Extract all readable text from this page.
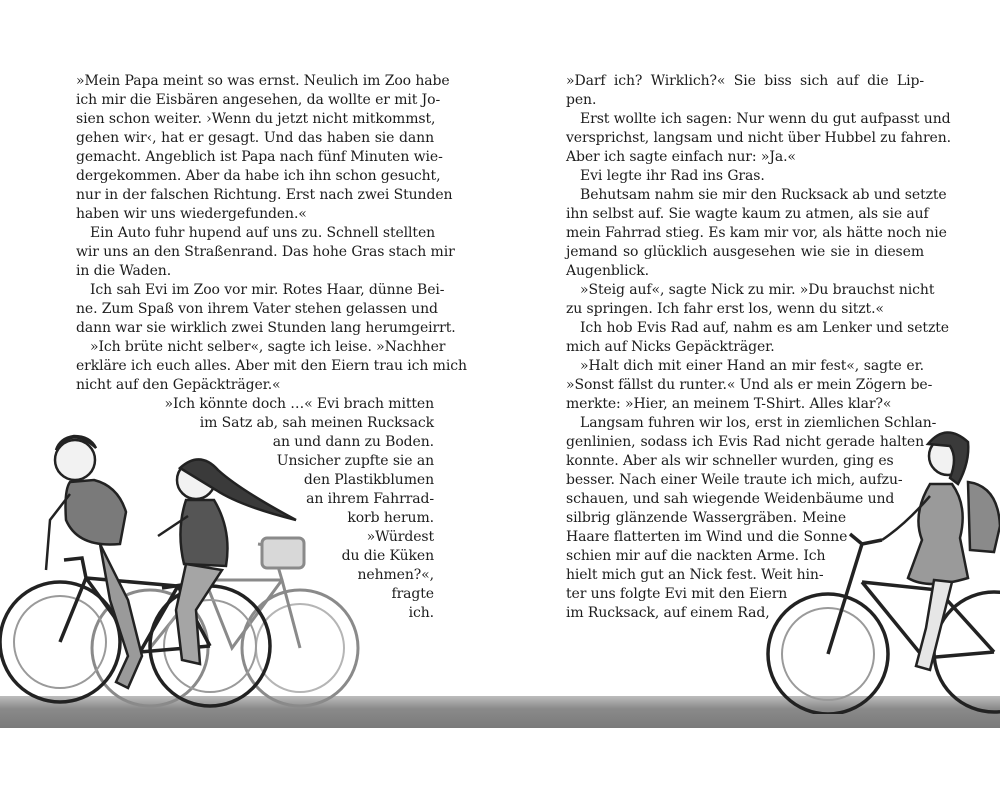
»Mein Papa meint so was ernst. Neulich im Zoo habe

ich mir die Eisbären angesehen, da wollte er mit Jo-

sien schon weiter. ›Wenn du jetzt nicht mitkommst,

gehen wir‹, hat er gesagt. Und das haben sie dann

gemacht. Angeblich ist Papa nach fünf Minuten wie-

dergekommen. Aber da habe ich ihn schon gesucht,

nur in der falschen Richtung. Erst nach zwei Stunden

haben wir uns wiedergefunden.«

Ein Auto fuhr hupend auf uns zu. Schnell stellten

wir uns an den Straßenrand. Das hohe Gras stach mir

in die Waden.

Ich sah Evi im Zoo vor mir. Rotes Haar, dünne Bei-

ne. Zum Spaß von ihrem Vater stehen gelassen und

dann war sie wirklich zwei Stunden lang herumgeirrt.

»Ich brüte nicht selber«, sagte ich leise. »Nachher

erkläre ich euch alles. Aber mit den Eiern trau ich mich

nicht auf den Gepäckträger.«

»Ich könnte doch …« Evi brach mitten

im Satz ab, sah meinen Rucksack

an und dann zu Boden.

Unsicher zupfte sie an

den Plastikblumen

an ihrem Fahrrad-

korb herum.

»Würdest

du die Küken

nehmen?«,

fragte

ich.

»Darf ich? Wirklich?« Sie biss sich auf die Lip-

pen.

Erst wollte ich sagen: Nur wenn du gut aufpasst und

versprichst, langsam und nicht über Hubbel zu fahren.

Aber ich sagte einfach nur: »Ja.«

Evi legte ihr Rad ins Gras.

Behutsam nahm sie mir den Rucksack ab und setzte

ihn selbst auf. Sie wagte kaum zu atmen, als sie auf

mein Fahrrad stieg. Es kam mir vor, als hätte noch nie

jemand so glücklich ausgesehen wie sie in diesem

Augenblick.

»Steig auf«, sagte Nick zu mir. »Du brauchst nicht

zu springen. Ich fahr erst los, wenn du sitzt.«

Ich hob Evis Rad auf, nahm es am Lenker und setzte

mich auf Nicks Gepäckträger.

»Halt dich mit einer Hand an mir fest«, sagte er.

»Sonst fällst du runter.« Und als er mein Zögern be-

merkte: »Hier, an meinem T-Shirt. Alles klar?«

Langsam fuhren wir los, erst in ziemlichen Schlan-

genlinien, sodass ich Evis Rad nicht gerade halten

konnte. Aber als wir schneller wurden, ging es

besser. Nach einer Weile traute ich mich, aufzu-

schauen, und sah wiegende Weidenbäume und

silbrig glänzende Wassergräben. Meine

Haare flatterten im Wind und die Sonne

schien mir auf die nackten Arme. Ich

hielt mich gut an Nick fest. Weit hin-

ter uns folgte Evi mit den Eiern

im Rucksack, auf einem Rad,
